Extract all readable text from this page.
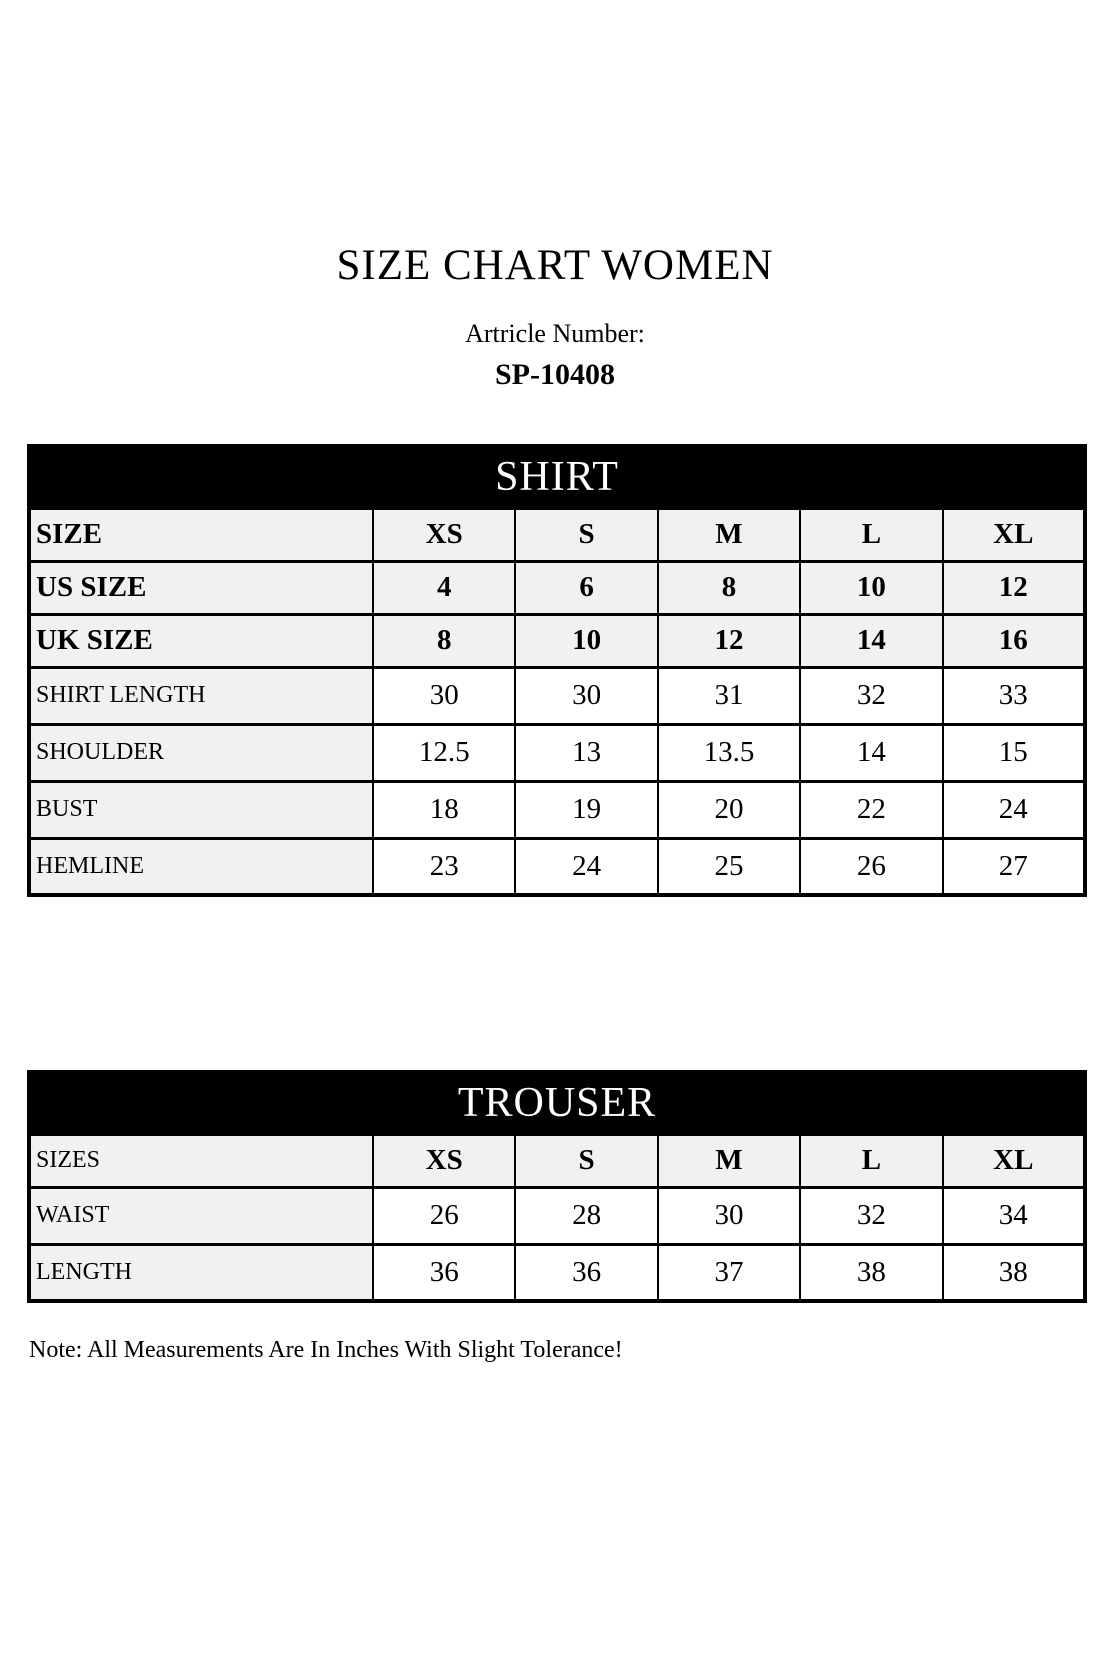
SIZE CHART WOMEN
Artricle Number:
SP-10408
SHIRT					
SIZE	XS	S	M	L	XL
US SIZE	4	6	8	10	12
UK SIZE	8	10	12	14	16
SHIRT LENGTH	30	30	31	32	33
SHOULDER	12.5	13	13.5	14	15
BUST	18	19	20	22	24
HEMLINE	23	24	25	26	27
TROUSER					
SIZES	XS	S	M	L	XL
WAIST	26	28	30	32	34
LENGTH	36	36	37	38	38
Note: All Measurements Are In Inches With Slight Tolerance!
